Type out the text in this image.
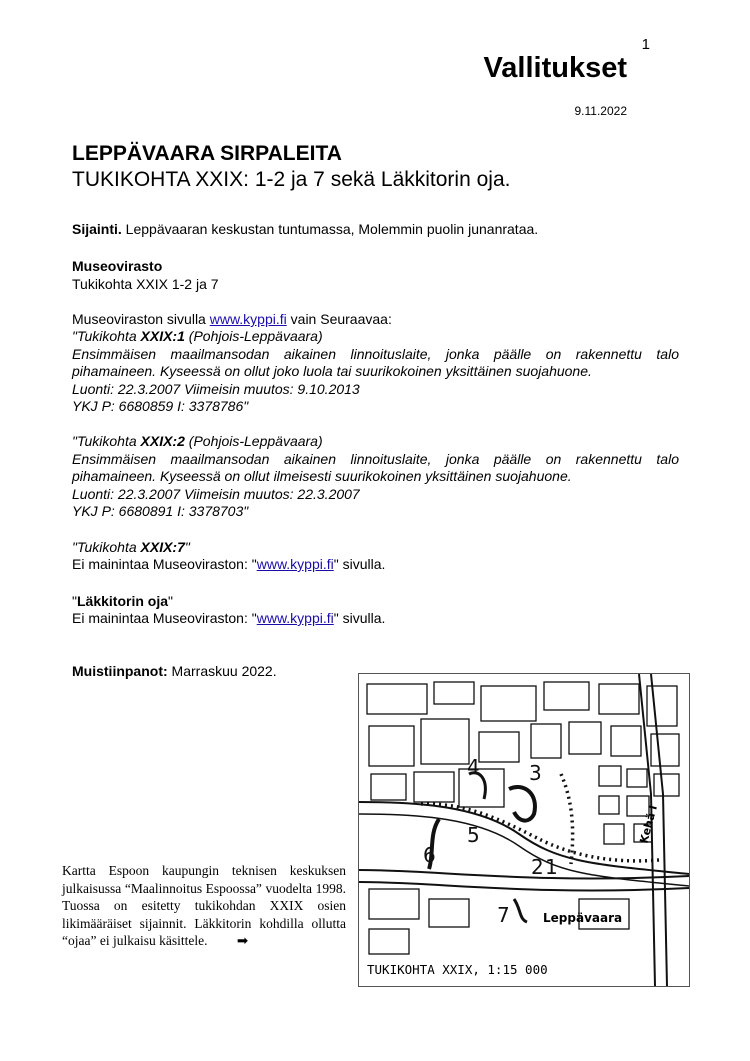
1
Vallitukset
9.11.2022
LEPPÄVAARA SIRPALEITA
TUKIKOHTA XXIX: 1-2 ja 7 sekä Läkkitorin oja.
Sijainti. Leppävaaran keskustan tuntumassa, Molemmin puolin junanrataa.
Museovirasto
Tukikohta XXIX 1-2 ja 7
Museoviraston sivulla www.kyppi.fi vain Seuraavaa:
"Tukikohta XXIX:1 (Pohjois-Leppävaara)
Ensimmäisen maailmansodan aikainen linnoituslaite, jonka päälle on rakennettu talo pihamaineen. Kyseessä on ollut joko luola tai suurikokoinen yksittäinen suojahuone.
Luonti: 22.3.2007 Viimeisin muutos: 9.10.2013
YKJ P: 6680859 I: 3378786"
"Tukikohta XXIX:2 (Pohjois-Leppävaara)
Ensimmäisen maailmansodan aikainen linnoituslaite, jonka päälle on rakennettu talo pihamaineen. Kyseessä on ollut ilmeisesti suurikokoinen yksittäinen suojahuone.
Luonti: 22.3.2007 Viimeisin muutos: 22.3.2007
YKJ P: 6680891 I: 3378703"
"Tukikohta XXIX:7"
Ei mainintaa Museoviraston: "www.kyppi.fi" sivulla.
"Läkkitorin oja"
Ei mainintaa Museoviraston: "www.kyppi.fi" sivulla.
Muistiinpanot: Marraskuu 2022.
Kartta Espoon kaupungin teknisen keskuksen julkaisussa “Maalinnoitus Espoossa” vuodelta 1998. Tuossa on esitetty tukikohdan XXIX osien likimääräiset sijainnit. Läkkitorin kohdilla ollutta “ojaa” ei julkaisu käsittele. ➡
4 3
5
6	2 1
7	Leppävaara
Kehä I
TUKIKOHTA XXIX, 1:15 000
